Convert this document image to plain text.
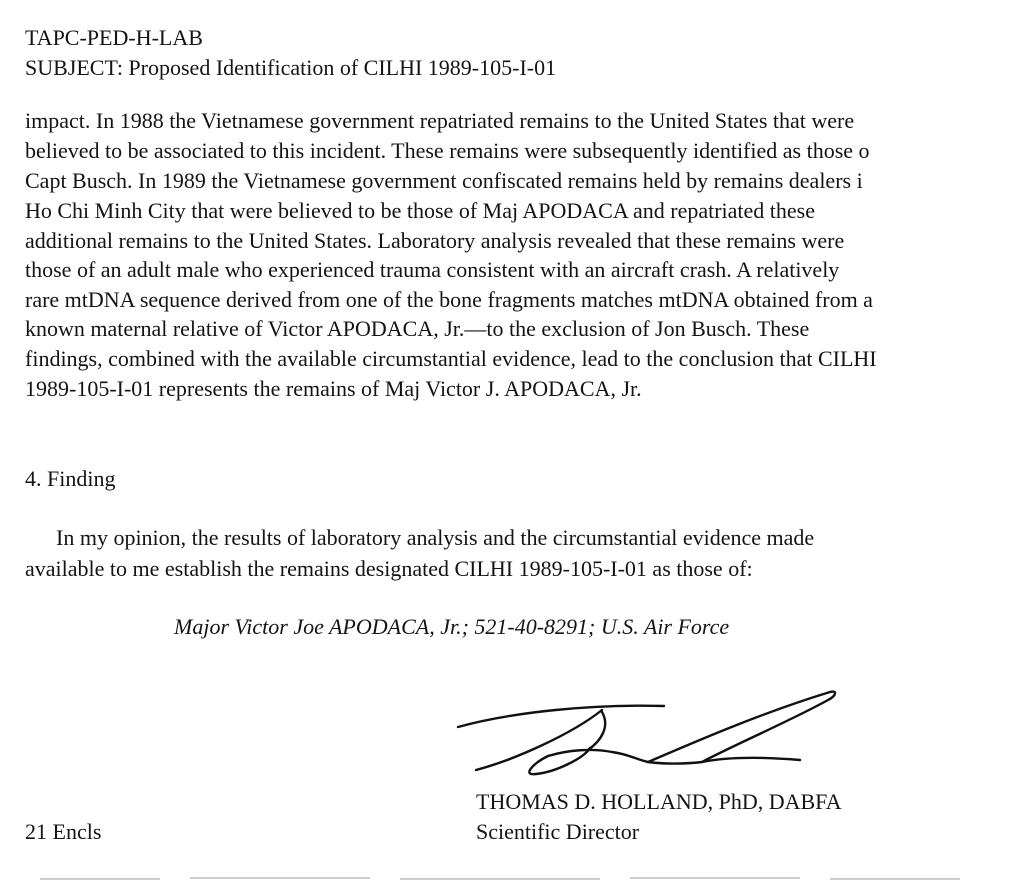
TAPC-PED-H-LAB
SUBJECT: Proposed Identification of CILHI 1989-105-I-01
impact. In 1988 the Vietnamese government repatriated remains to the United States that were
believed to be associated to this incident. These remains were subsequently identified as those o
Capt Busch. In 1989 the Vietnamese government confiscated remains held by remains dealers i
Ho Chi Minh City that were believed to be those of Maj APODACA and repatriated these
additional remains to the United States. Laboratory analysis revealed that these remains were
those of an adult male who experienced trauma consistent with an aircraft crash. A relatively
rare mtDNA sequence derived from one of the bone fragments matches mtDNA obtained from a
known maternal relative of Victor APODACA, Jr.—to the exclusion of Jon Busch. These
findings, combined with the available circumstantial evidence, lead to the conclusion that CILHI
1989-105-I-01 represents the remains of Maj Victor J. APODACA, Jr.
4. Finding
In my opinion, the results of laboratory analysis and the circumstantial evidence made
available to me establish the remains designated CILHI 1989-105-I-01 as those of:
Major Victor Joe APODACA, Jr.; 521-40-8291; U.S. Air Force
THOMAS D. HOLLAND, PhD, DABFA
Scientific Director
21 Encls
